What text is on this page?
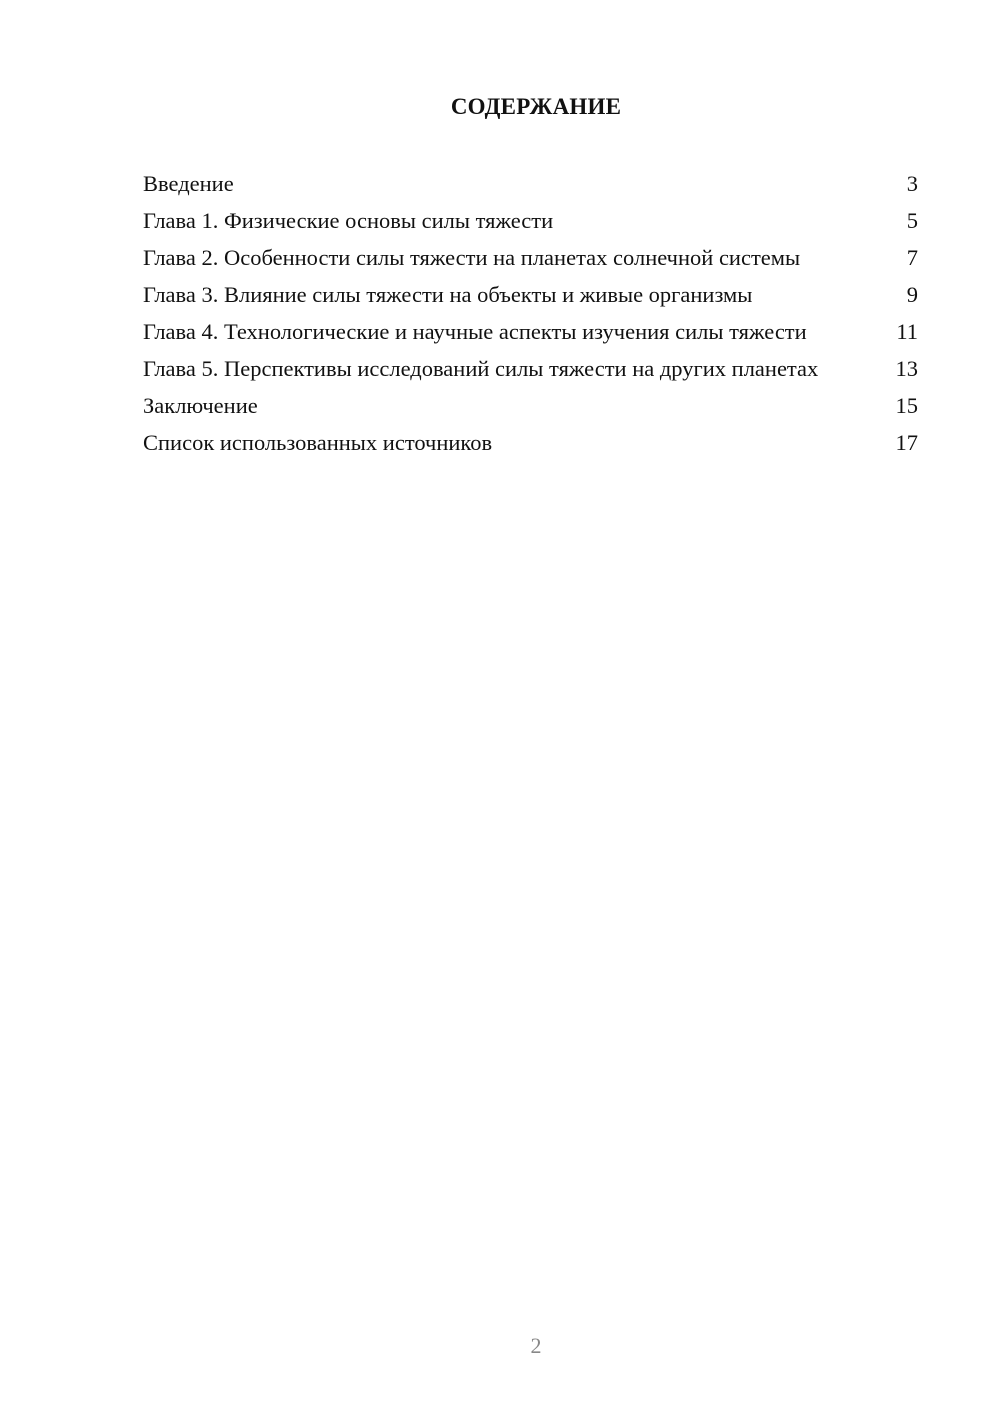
СОДЕРЖАНИЕ
Введение	3
Глава 1. Физические основы силы тяжести	5
Глава 2. Особенности силы тяжести на планетах солнечной системы	7
Глава 3. Влияние силы тяжести на объекты и живые организмы	9
Глава 4. Технологические и научные аспекты изучения силы тяжести	11
Глава 5. Перспективы исследований силы тяжести на других планетах	13
Заключение	15
Список использованных источников	17
2
